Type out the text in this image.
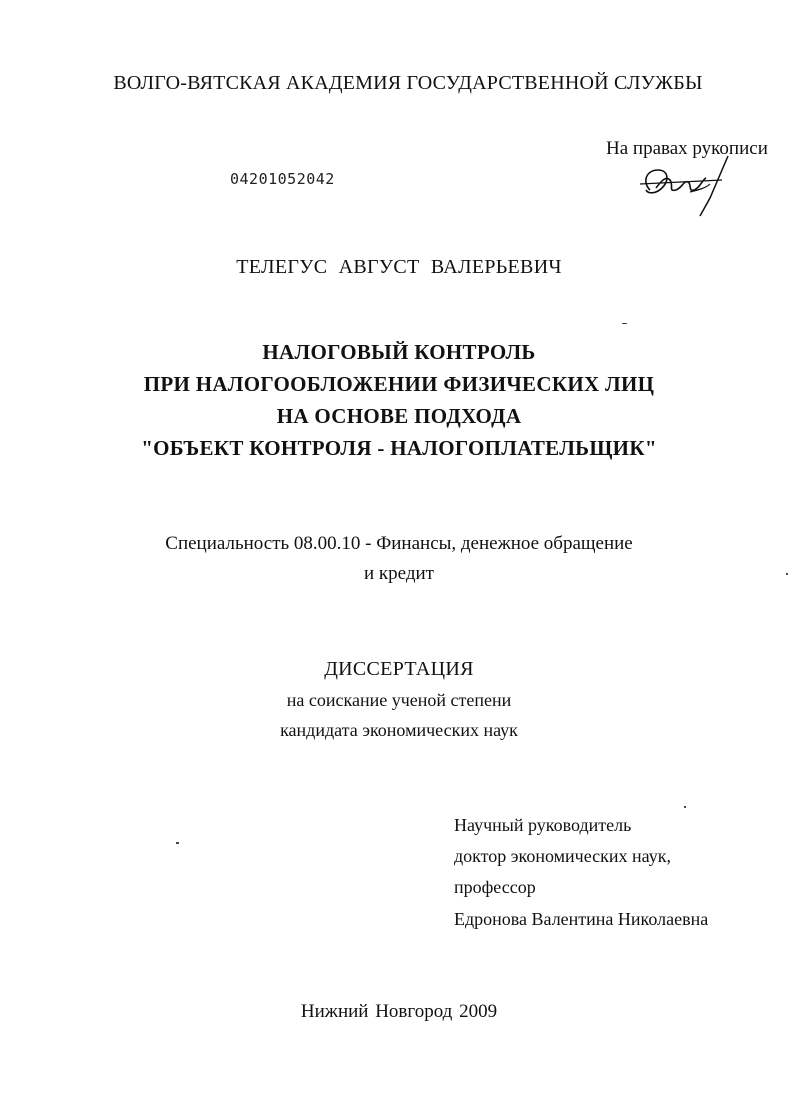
ВОЛГО-ВЯТСКАЯ АКАДЕМИЯ ГОСУДАРСТВЕННОЙ СЛУЖБЫ
На правах рукописи
04201052042
ТЕЛЕГУС АВГУСТ ВАЛЕРЬЕВИЧ
НАЛОГОВЫЙ КОНТРОЛЬ
ПРИ НАЛОГООБЛОЖЕНИИ ФИЗИЧЕСКИХ ЛИЦ
НА ОСНОВЕ ПОДХОДА
"ОБЪЕКТ КОНТРОЛЯ - НАЛОГОПЛАТЕЛЬЩИК"
Специальность 08.00.10 - Финансы, денежное обращение
и кредит
ДИССЕРТАЦИЯ
на соискание ученой степени
кандидата экономических наук
Научный руководитель
доктор экономических наук,
профессор
Едронова Валентина Николаевна
Нижний Новгород 2009
